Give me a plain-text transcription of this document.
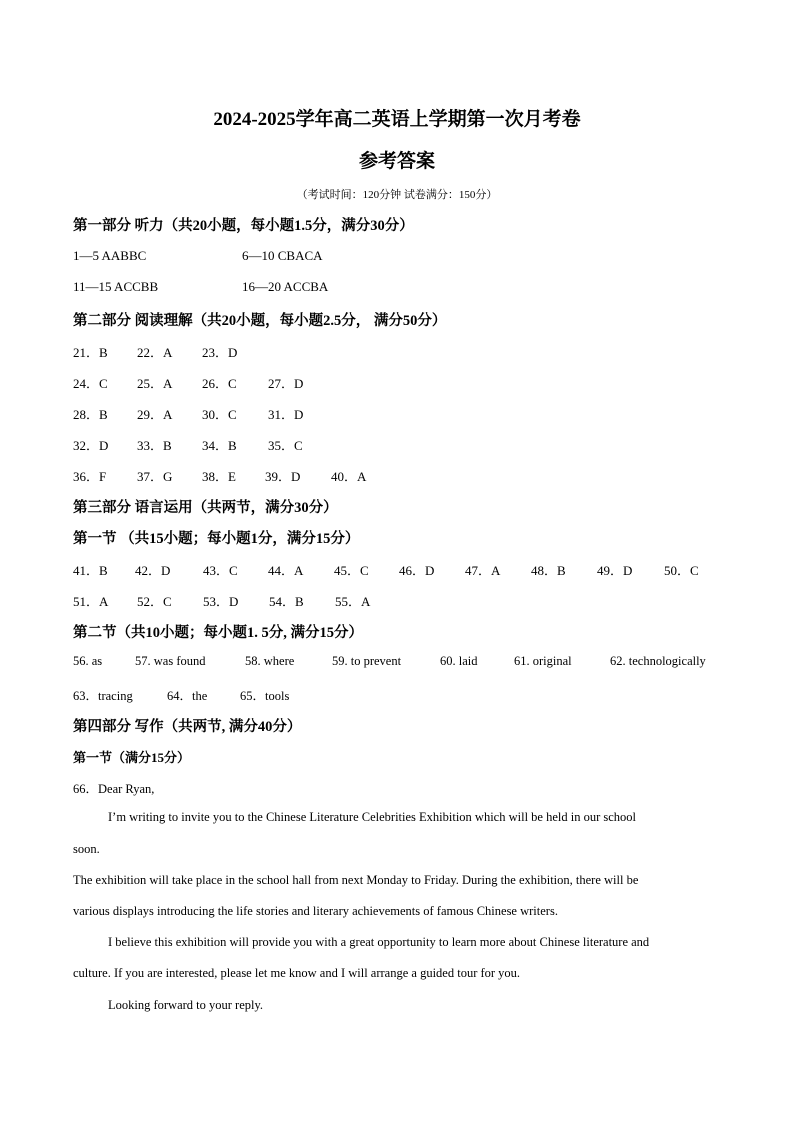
2024-2025学年高二英语上学期第一次月考卷
参考答案
（考试时间：120分钟 试卷满分：150分）
第一部分 听力（共20小题，每小题1.5分，满分30分）
1—5 AABBC	6—10 CBACA
11—15 ACCBB	16—20 ACCBA
第二部分 阅读理解（共20小题，每小题2.5分， 满分50分）
21．B 22．A 23．D
24．C 25．A 26．C 27．D
28．B 29．A 30．C 31．D
32．D 33．B 34．B 35．C
36．F 37．G 38．E 39．D 40．A
第三部分 语言运用（共两节，满分30分）
第一节 （共15小题；每小题1分，满分15分）
41．B 42．D	43．C 44．A 45．C 46．D 47．A 48．B 49．D 50．C
51．A 52．C 53．D 54．B 55．A
第二节（共10小题；每小题1. 5分, 满分15分）
56. as	57. was found	58. where	59. to prevent	60. laid	61. original	62. technologically
63．tracing	64．the	65．tools
第四部分 写作（共两节, 满分40分）
第一节（满分15分）
66．Dear Ryan,
I’m writing to invite you to the Chinese Literature Celebrities Exhibition which will be held in our school
soon.
The exhibition will take place in the school hall from next Monday to Friday. During the exhibition, there will be
various displays introducing the life stories and literary achievements of famous Chinese writers.
I believe this exhibition will provide you with a great opportunity to learn more about Chinese literature and
culture. If you are interested, please let me know and I will arrange a guided tour for you.
Looking forward to your reply.
